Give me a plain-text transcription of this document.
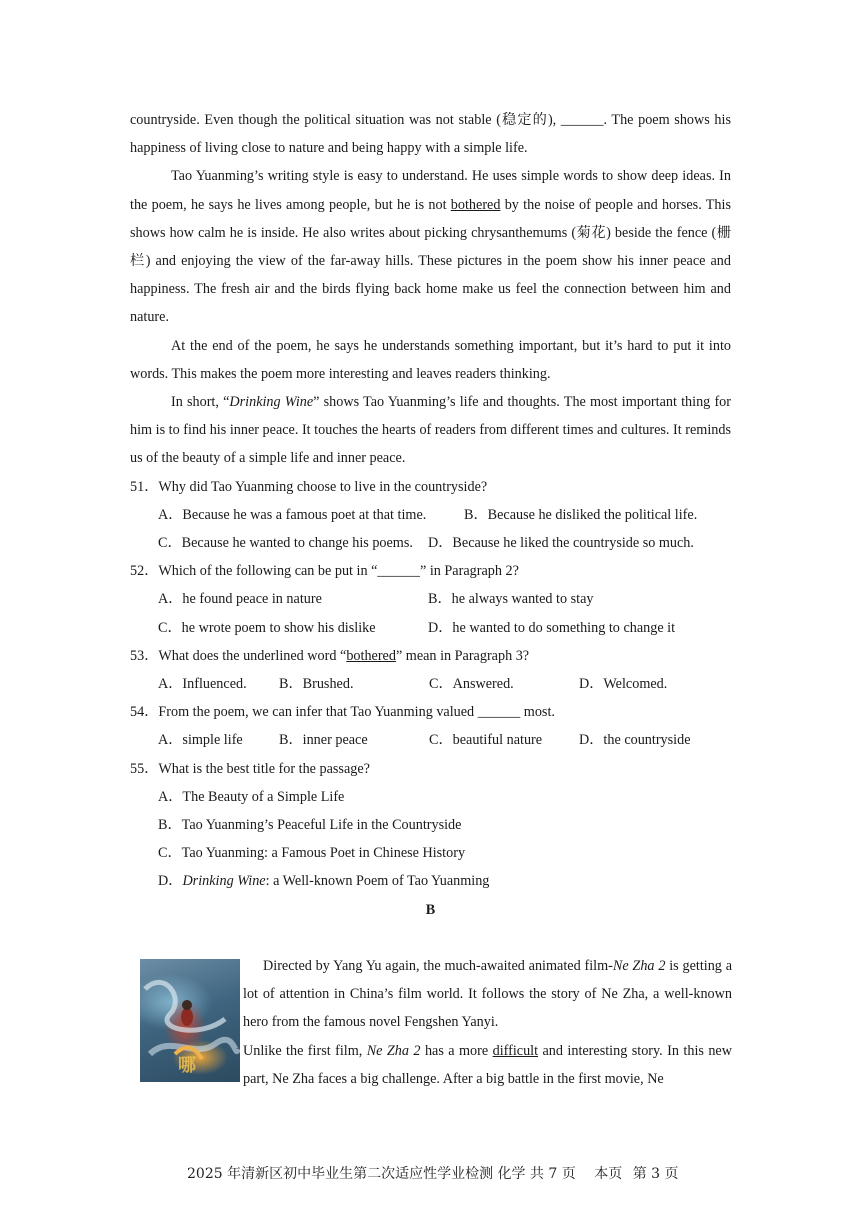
countryside. Even though the political situation was not stable (稳定的), ______. The poem shows his happiness of living close to nature and being happy with a simple life.

Tao Yuanming’s writing style is easy to understand. He uses simple words to show deep ideas. In the poem, he says he lives among people, but he is not bothered by the noise of people and horses. This shows how calm he is inside. He also writes about picking chrysanthemums (菊花) beside the fence (栅栏) and enjoying the view of the far-away hills. These pictures in the poem show his inner peace and happiness. The fresh air and the birds flying back home make us feel the connection between him and nature.

At the end of the poem, he says he understands something important, but it’s hard to put it into words. This makes the poem more interesting and leaves readers thinking.

In short, “Drinking Wine” shows Tao Yuanming’s life and thoughts. The most important thing for him is to find his inner peace. It touches the hearts of readers from different times and cultures. It reminds us of the beauty of a simple life and inner peace.

51．Why did Tao Yuanming choose to live in the countryside?

A．Because he was a famous poet at that time.	B．Because he disliked the political life.
C．Because he wanted to change his poems. D．Because he liked the countryside so much.

52．Which of the following can be put in “______” in Paragraph 2?

A．he found peace in nature	B．he always wanted to stay
C．he wrote poem to show his dislike	D．he wanted to do something to change it

53．What does the underlined word “bothered” mean in Paragraph 3?

A．Influenced. B．Brushed.	C．Answered.	D．Welcomed.

54．From the poem, we can infer that Tao Yuanming valued ______ most.

A．simple life	B．inner peace	C．beautiful nature	D．the countryside

55．What is the best title for the passage?

A．The Beauty of a Simple Life

B．Tao Yuanming’s Peaceful Life in the Countryside

C．Tao Yuanming: a Famous Poet in Chinese History

D．Drinking Wine: a Well-known Poem of Tao Yuanming

B

哪

Directed by Yang Yu again, the much-awaited animated film-Ne Zha 2 is getting a lot of attention in China’s film world. It follows the story of Ne Zha, a well-known hero from the famous novel Fengshen Yanyi.

Unlike the first film, Ne Zha 2 has a more difficult and interesting story. In this new part, Ne Zha faces a big challenge. After a big battle in the first movie, Ne

2025 年清新区初中毕业生第二次适应性学业检测 化学 共 7 页　 本页 第 3 页
